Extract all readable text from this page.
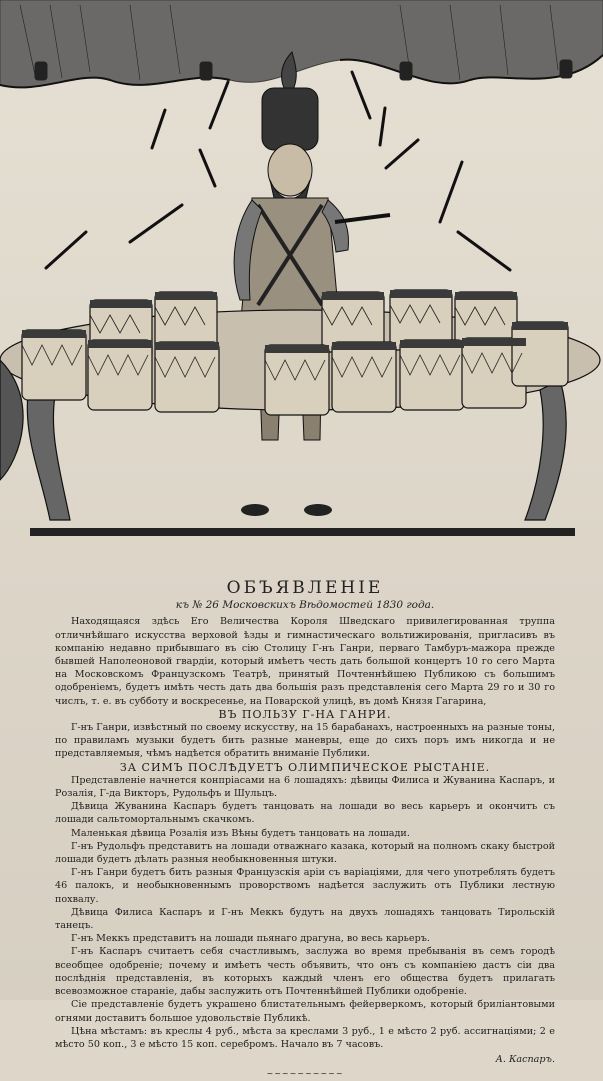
ОБЪЯВЛЕНIЕ
къ № 26 Московскихъ Вѣдомостей 1830 года.

Находящаяся здѣсь Его Величества Короля Шведскаго привилегированная труппа отличнѣйшаго искусства верховой ѣзды и гимнастическаго вольтижированія, пригласивъ въ компанію недавно прибывшаго въ сію Столицу Г-нъ Ганри, перваго Тамбуръ-мажора прежде бывшей Наполеоновой гвардіи, который имѣетъ честь дать большой концертъ 10 го сего Марта на Московскомъ Французскомъ Театрѣ, принятый Почтеннѣйшею Публикою съ большимъ одобреніемъ, будетъ имѣть честь дать два большія разъ представленія сего Марта 29 го и 30 го числъ, т. е. въ субботу и воскресенье, на Поварской улицѣ, въ домѣ Князя Гагарина,

ВЪ ПОЛЬЗУ Г-НА ГАНРИ.

Г-нъ Ганри, извѣстный по своему искусству, на 15 барабанахъ, настроенныхъ на разные тоны, по правиламъ музыки будетъ бить разные маневры, еще до сихъ поръ имъ никогда и не представляемыя, чѣмъ надѣется обратить вниманіе Публики.

ЗА СИМЪ ПОСЛѢДУЕТЪ ОЛИМПИЧЕСКОЕ РЫСТАНIЕ.

Представленіе начнется конпріасами на 6 лошадяхъ: дѣвицы Филиса и Жуванина Каспаръ, и Розалія, Г-да Викторъ, Рудольфъ и Шульцъ.

Дѣвица Жуванина Каспаръ будетъ танцовать на лошади во весь карьеръ и окончитъ съ лошади сальтомортальнымъ скачкомъ.

Маленькая дѣвица Розалія изъ Вѣны будетъ танцовать на лошади.

Г-нъ Рудольфъ представитъ на лошади отважнаго казака, который на полномъ скаку быстрой лошади будетъ дѣлать разныя необыкновенныя штуки.

Г-нъ Ганри будетъ бить разныя Французскія аріи съ варіаціями, для чего употреблять будетъ 46 палокъ, и необыкновеннымъ проворствомъ надѣется заслужить отъ Публики лестную похвалу.

Дѣвица Филиса Каспаръ и Г-нъ Меккъ будутъ на двухъ лошадяхъ танцовать Тирольскій танецъ.

Г-нъ Меккъ представитъ на лошади пьянаго драгуна, во весь карьеръ.

Г-нъ Каспаръ считаетъ себя счастливымъ, заслужа во время пребыванія въ семъ городѣ всеобщее одобреніе; почему и имѣетъ честь объявить, что онъ съ компаніею дастъ сіи два послѣднія представленія, въ которыхъ каждый членъ его общества будетъ прилагать всевозможное стараніе, дабы заслужить отъ Почтеннѣйшей Публики одобреніе.

Сіе представленіе будетъ украшено блистательнымъ фейерверкомъ, который бриліантовыми огнями доставитъ большое удовольствіе Публикѣ.

Цѣна мѣстамъ: въ креслы 4 руб., мѣста за креслами 3 руб., 1 е мѣсто 2 руб. ассигнаціями; 2 е мѣсто 50 коп., 3 е мѣсто 15 коп. серебромъ. Начало въ 7 часовъ.

А. Каспаръ.
~~~~~~~~~~
